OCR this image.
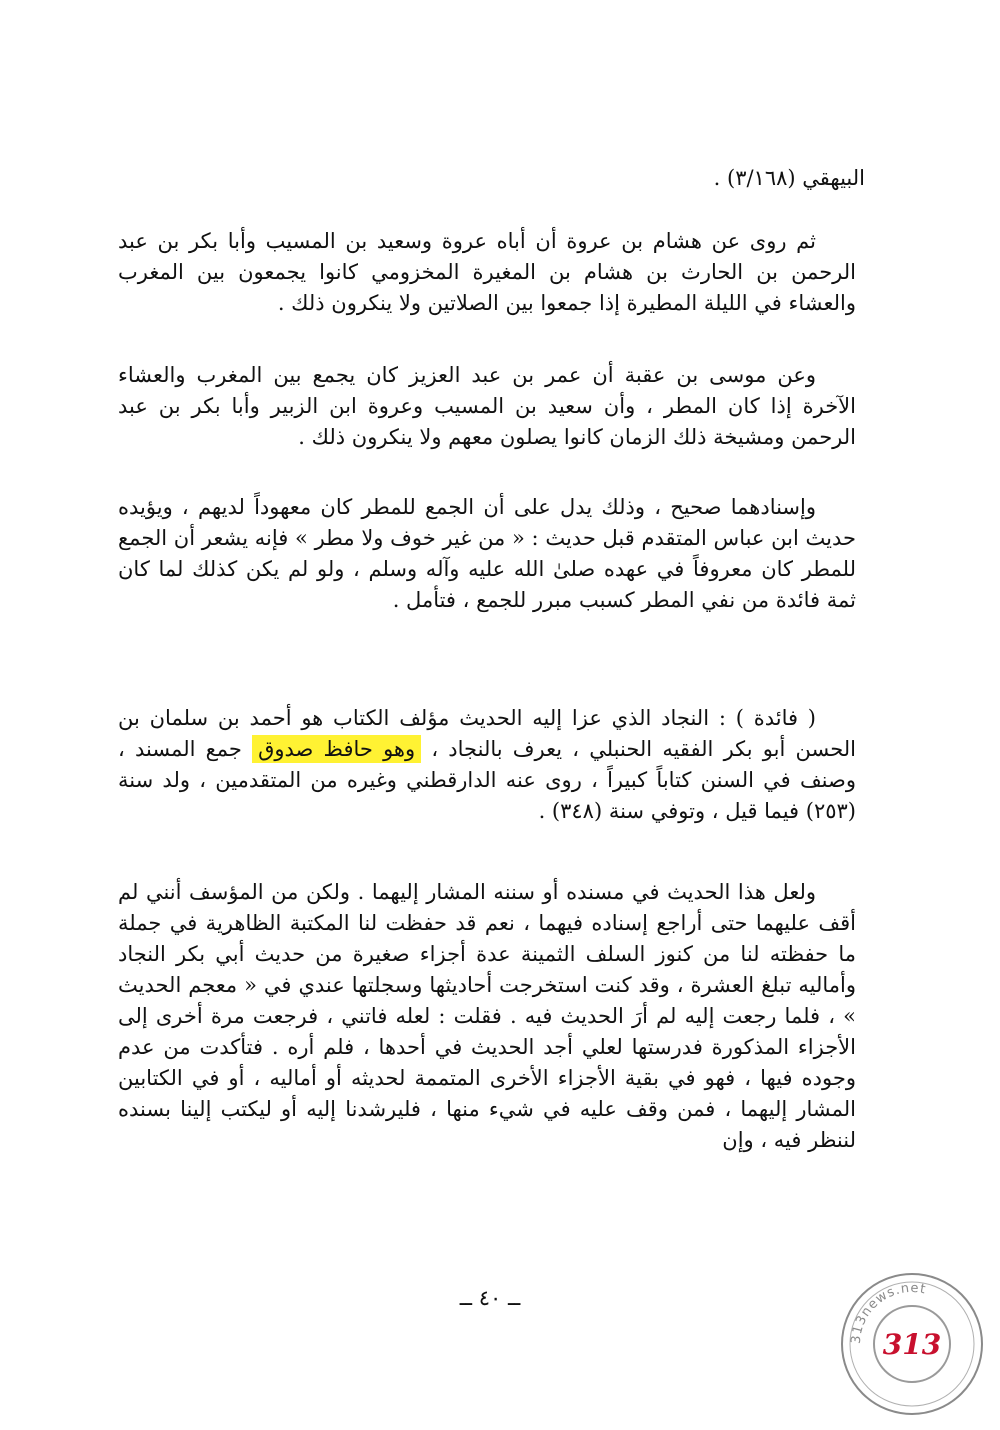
البيهقي (٣/١٦٨) .

ثم روى عن هشام بن عروة أن أباه عروة وسعيد بن المسيب وأبا بكر بن عبد الرحمن بن الحارث بن هشام بن المغيرة المخزومي كانوا يجمعون بين المغرب والعشاء في الليلة المطيرة إذا جمعوا بين الصلاتين ولا ينكرون ذلك .

وعن موسى بن عقبة أن عمر بن عبد العزيز كان يجمع بين المغرب والعشاء الآخرة إذا كان المطر ، وأن سعيد بن المسيب وعروة ابن الزبير وأبا بكر بن عبد الرحمن ومشيخة ذلك الزمان كانوا يصلون معهم ولا ينكرون ذلك .

وإسنادهما صحيح ، وذلك يدل على أن الجمع للمطر كان معهوداً لديهم ، ويؤيده حديث ابن عباس المتقدم قبل حديث : « من غير خوف ولا مطر » فإنه يشعر أن الجمع للمطر كان معروفاً في عهده صلىٰ الله عليه وآله وسلم ، ولو لم يكن كذلك لما كان ثمة فائدة من نفي المطر كسبب مبرر للجمع ، فتأمل .

( فائدة ) : النجاد الذي عزا إليه الحديث مؤلف الكتاب هو أحمد بن سلمان بن الحسن أبو بكر الفقيه الحنبلي ، يعرف بالنجاد ، وهو حافظ صدوق جمع المسند ، وصنف في السنن كتاباً كبيراً ، روى عنه الدارقطني وغيره من المتقدمين ، ولد سنة (٢٥٣) فيما قيل ، وتوفي سنة (٣٤٨) .

ولعل هذا الحديث في مسنده أو سننه المشار إليهما . ولكن من المؤسف أنني لم أقف عليهما حتى أراجع إسناده فيهما ، نعم قد حفظت لنا المكتبة الظاهرية في جملة ما حفظته لنا من كنوز السلف الثمينة عدة أجزاء صغيرة من حديث أبي بكر النجاد وأماليه تبلغ العشرة ، وقد كنت استخرجت أحاديثها وسجلتها عندي في « معجم الحديث » ، فلما رجعت إليه لم أرَ الحديث فيه . فقلت : لعله فاتني ، فرجعت مرة أخرى إلى الأجزاء المذكورة فدرستها لعلي أجد الحديث في أحدها ، فلم أره . فتأكدت من عدم وجوده فيها ، فهو في بقية الأجزاء الأخرى المتممة لحديثه أو أماليه ، أو في الكتابين المشار إليهما ، فمن وقف عليه في شيء منها ، فليرشدنا إليه أو ليكتب إلينا بسنده لننظر فيه ، وإن

ــ ٤٠ ــ
313news.net
313
